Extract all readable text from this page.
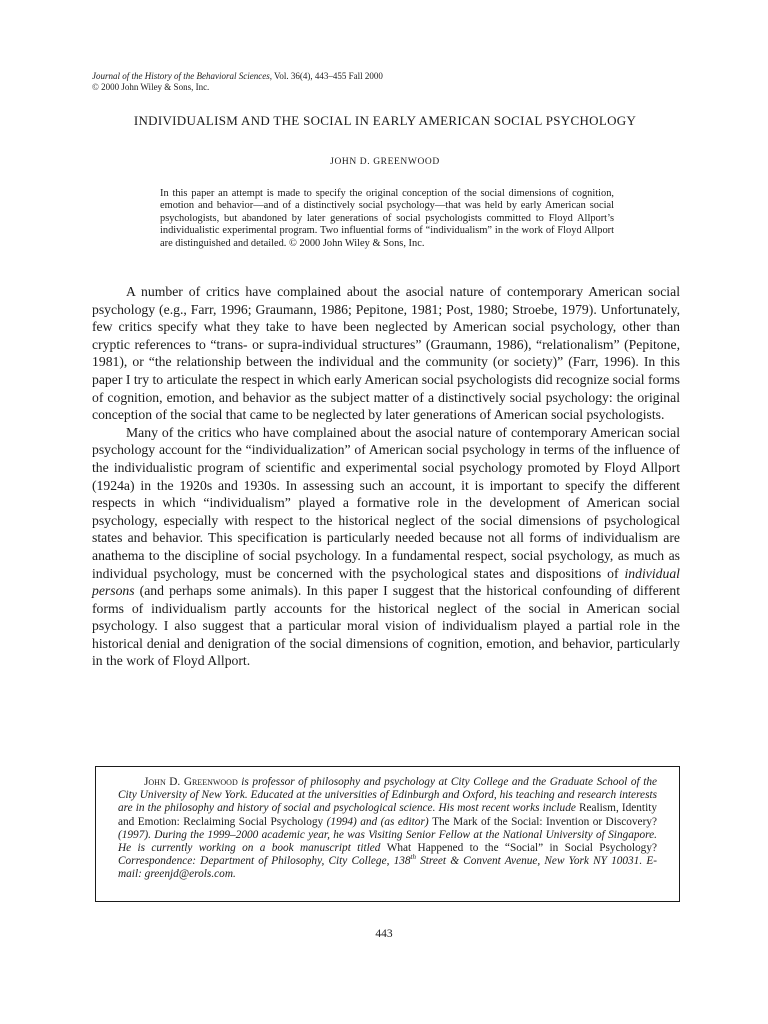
Journal of the History of the Behavioral Sciences, Vol. 36(4), 443–455 Fall 2000
© 2000 John Wiley & Sons, Inc.
INDIVIDUALISM AND THE SOCIAL IN EARLY AMERICAN SOCIAL PSYCHOLOGY
JOHN D. GREENWOOD
In this paper an attempt is made to specify the original conception of the social dimensions of cognition, emotion and behavior—and of a distinctively social psychology—that was held by early American social psychologists, but abandoned by later generations of social psychologists committed to Floyd Allport’s individualistic experimental program. Two influential forms of “individualism” in the work of Floyd Allport are distinguished and detailed. © 2000 John Wiley & Sons, Inc.

A number of critics have complained about the asocial nature of contemporary American social psychology (e.g., Farr, 1996; Graumann, 1986; Pepitone, 1981; Post, 1980; Stroebe, 1979). Unfortunately, few critics specify what they take to have been neglected by American social psychology, other than cryptic references to “trans- or supra-individual structures” (Graumann, 1986), “relationalism” (Pepitone, 1981), or “the relationship between the individual and the community (or society)” (Farr, 1996). In this paper I try to articulate the respect in which early American social psychologists did recognize social forms of cognition, emotion, and behavior as the subject matter of a distinctively social psychology: the original conception of the social that came to be neglected by later generations of American social psychologists.

Many of the critics who have complained about the asocial nature of contemporary American social psychology account for the “individualization” of American social psychology in terms of the influence of the individualistic program of scientific and experimental social psychology promoted by Floyd Allport (1924a) in the 1920s and 1930s. In assessing such an account, it is important to specify the different respects in which “individualism” played a formative role in the development of American social psychology, especially with respect to the historical neglect of the social dimensions of psychological states and behavior. This specification is particularly needed because not all forms of individualism are anathema to the discipline of social psychology. In a fundamental respect, social psychology, as much as individual psychology, must be concerned with the psychological states and dispositions of individual persons (and perhaps some animals). In this paper I suggest that the historical confounding of different forms of individualism partly accounts for the historical neglect of the social in American social psychology. I also suggest that a particular moral vision of individualism played a partial role in the historical denial and denigration of the social dimensions of cognition, emotion, and behavior, particularly in the work of Floyd Allport.

John D. Greenwood is professor of philosophy and psychology at City College and the Graduate School of the City University of New York. Educated at the universities of Edinburgh and Oxford, his teaching and research interests are in the philosophy and history of social and psychological science. His most recent works include Realism, Identity and Emotion: Reclaiming Social Psychology (1994) and (as editor) The Mark of the Social: Invention or Discovery? (1997). During the 1999–2000 academic year, he was Visiting Senior Fellow at the National University of Singapore. He is currently working on a book manuscript titled What Happened to the “Social” in Social Psychology? Correspondence: Department of Philosophy, City College, 138th Street & Convent Avenue, New York NY 10031. E-mail: greenjd@erols.com.

443
